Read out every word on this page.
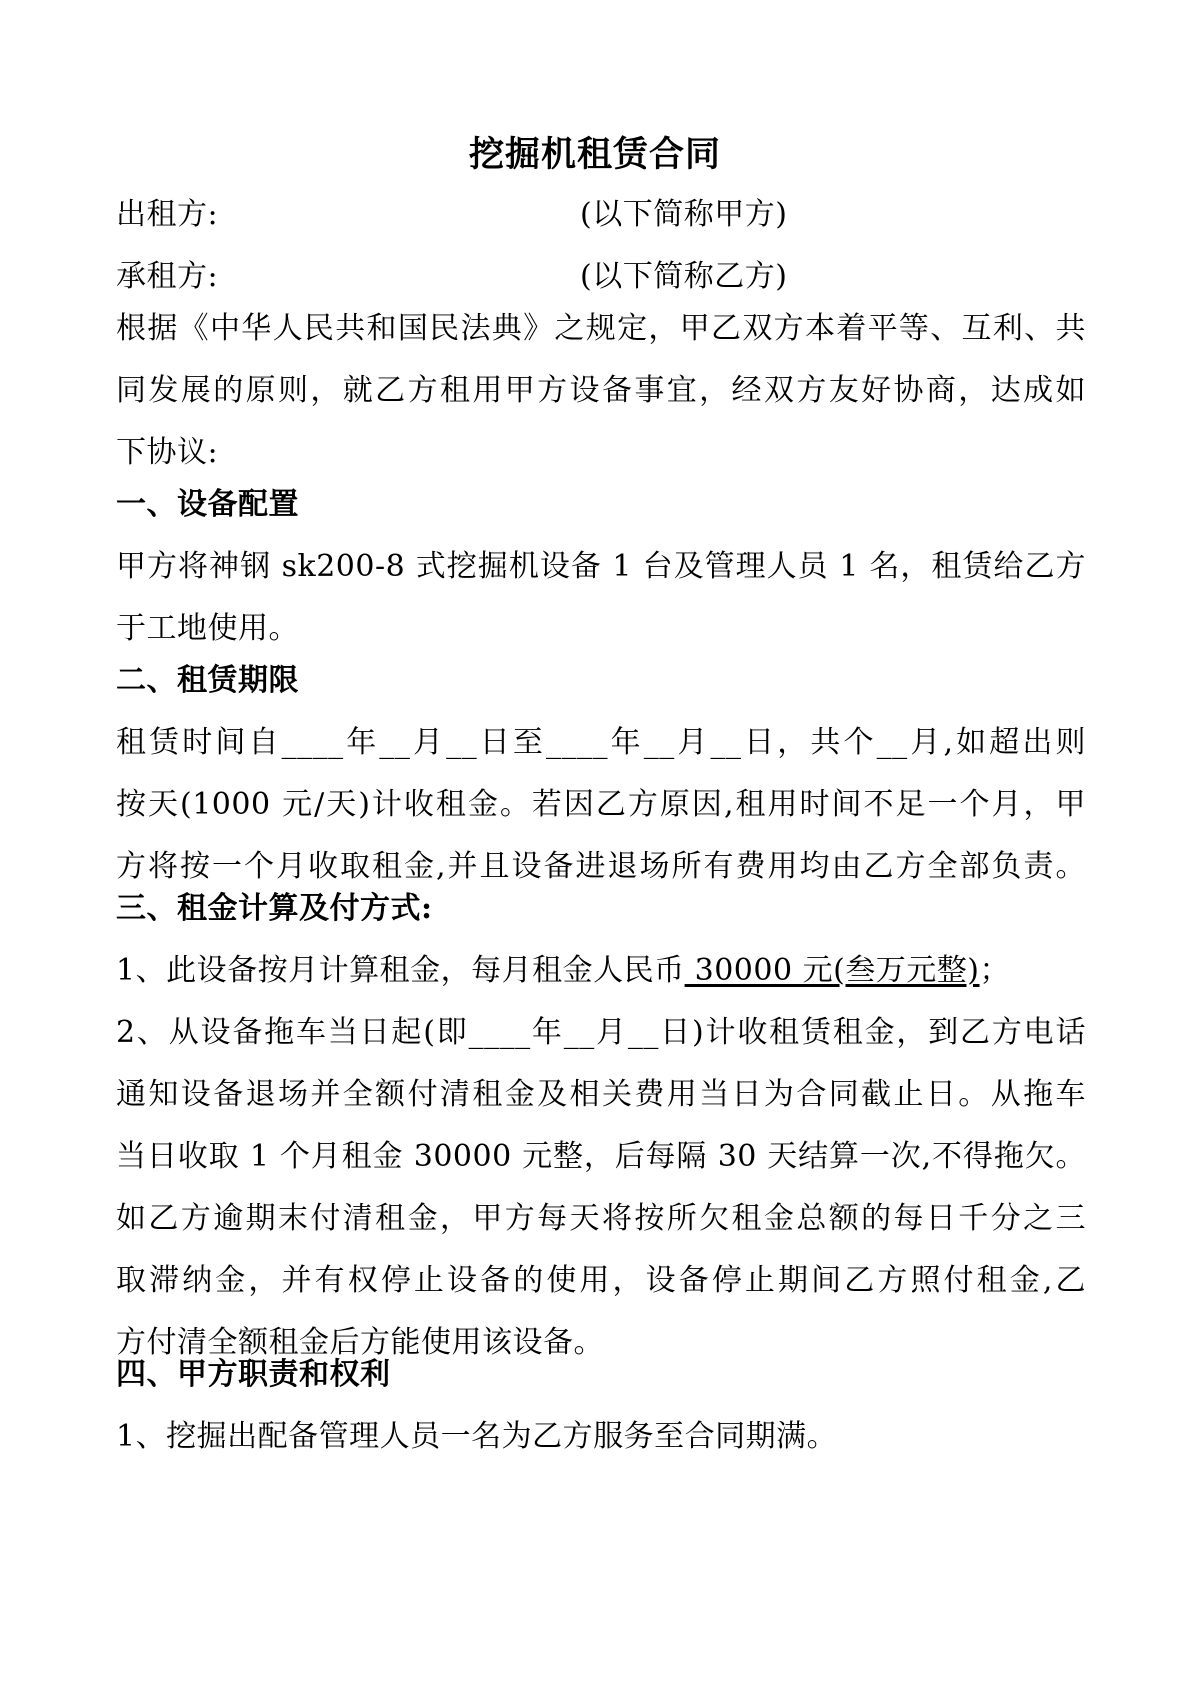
挖掘机租赁合同
出租方:	(以下简称甲方)
承租方:	(以下简称乙方)
根据《中华人民共和国民法典》之规定，甲乙双方本着平等、互利、共
同发展的原则，就乙方租用甲方设备事宜，经双方友好协商，达成如
下协议:
一、设备配置
甲方将神钢 sk200-8 式挖掘机设备 1 台及管理人员 1 名，租赁给乙方
于工地使用。
二、租赁期限
租赁时间自____年__月__日至____年__月__日，共个__月,如超出则
按天(1000 元/天)计收租金。若因乙方原因,租用时间不足一个月，甲
方将按一个月收取租金,并且设备进退场所有费用均由乙方全部负责。
三、租金计算及付方式:
1、此设备按月计算租金，每月租金人民币 30000 元(叁万元整)；
2、从设备拖车当日起(即____年__月__日)计收租赁租金，到乙方电话
通知设备退场并全额付清租金及相关费用当日为合同截止日。从拖车
当日收取 1 个月租金 30000 元整，后每隔 30 天结算一次,不得拖欠。
如乙方逾期末付清租金，甲方每天将按所欠租金总额的每日千分之三
取滞纳金，并有权停止设备的使用，设备停止期间乙方照付租金,乙
方付清全额租金后方能使用该设备。
四、甲方职责和权利
1、挖掘出配备管理人员一名为乙方服务至合同期满。
